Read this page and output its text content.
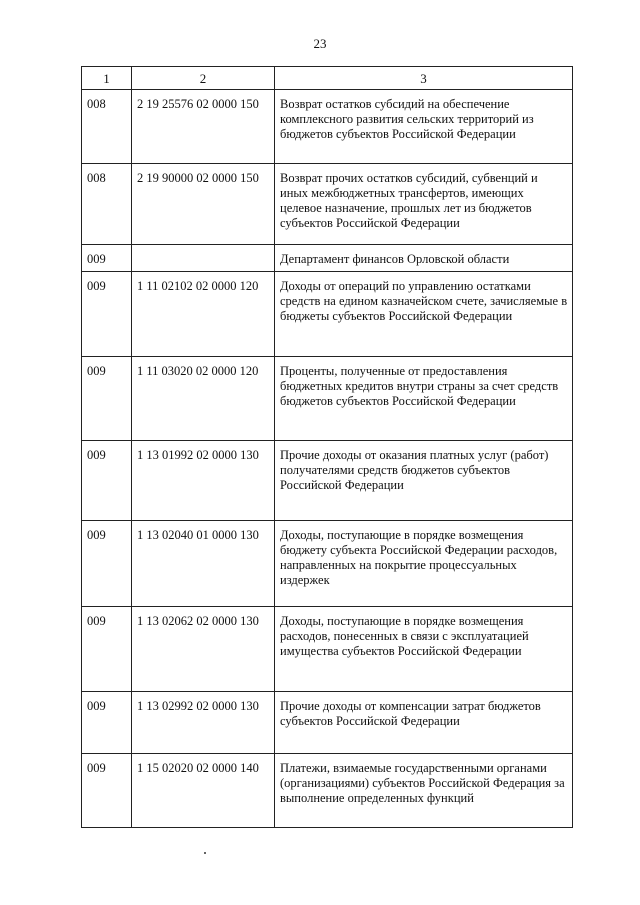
23
1	2	3
008	2 19 25576 02 0000 150	Возврат остатков субсидий на обеспечение комплексного развития сельских территорий из бюджетов субъектов Российской Федерации
008	2 19 90000 02 0000 150	Возврат прочих остатков субсидий, субвенций и иных межбюджетных трансфертов, имеющих целевое назначение, прошлых лет из бюджетов субъектов Российской Федерации
009		Департамент финансов Орловской области
009	1 11 02102 02 0000 120	Доходы от операций по управлению остатками средств на едином казначейском счете, зачисляемые в бюджеты субъектов Российской Федерации
009	1 11 03020 02 0000 120	Проценты, полученные от предоставления бюджетных кредитов внутри страны за счет средств бюджетов субъектов Российской Федерации
009	1 13 01992 02 0000 130	Прочие доходы от оказания платных услуг (работ) получателями средств бюджетов субъектов Российской Федерации
009	1 13 02040 01 0000 130	Доходы, поступающие в порядке возмещения бюджету субъекта Российской Федерации расходов, направленных на покрытие процессуальных издержек
009	1 13 02062 02 0000 130	Доходы, поступающие в порядке возмещения расходов, понесенных в связи с эксплуатацией имущества субъектов Российской Федерации
009	1 13 02992 02 0000 130	Прочие доходы от компенсации затрат бюджетов субъектов Российской Федерации
009	1 15 02020 02 0000 140	Платежи, взимаемые государственными органами (организациями) субъектов Российской Федерация за выполнение определенных функций
